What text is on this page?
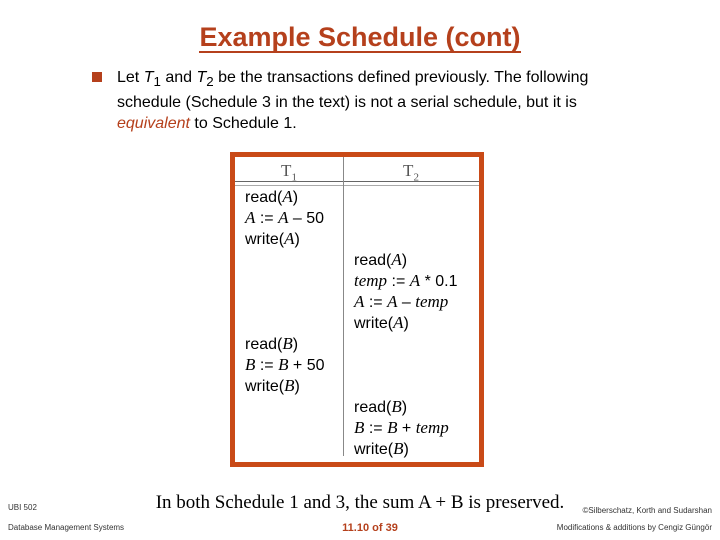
Example Schedule (cont)
Let $T_1$ and $T_2$ be the transactions defined previously. The following schedule (Schedule 3 in the text) is not a serial schedule, but it is equivalent to Schedule 1.
$T_1$	$T_2$
read(A)
A := A – 50
write(A)
read(A)
temp := A * 0.1
A := A – temp
write(A)
read(B)
B := B + 50
write(B)
read(B)
B := B + temp
write(B)
In both Schedule 1 and 3, the sum A + B is preserved.
UBI 502
Database Management Systems	11.10 of 39
©Silberschatz, Korth and Sudarshan
Modifications & additions by Cengiz Güngör
